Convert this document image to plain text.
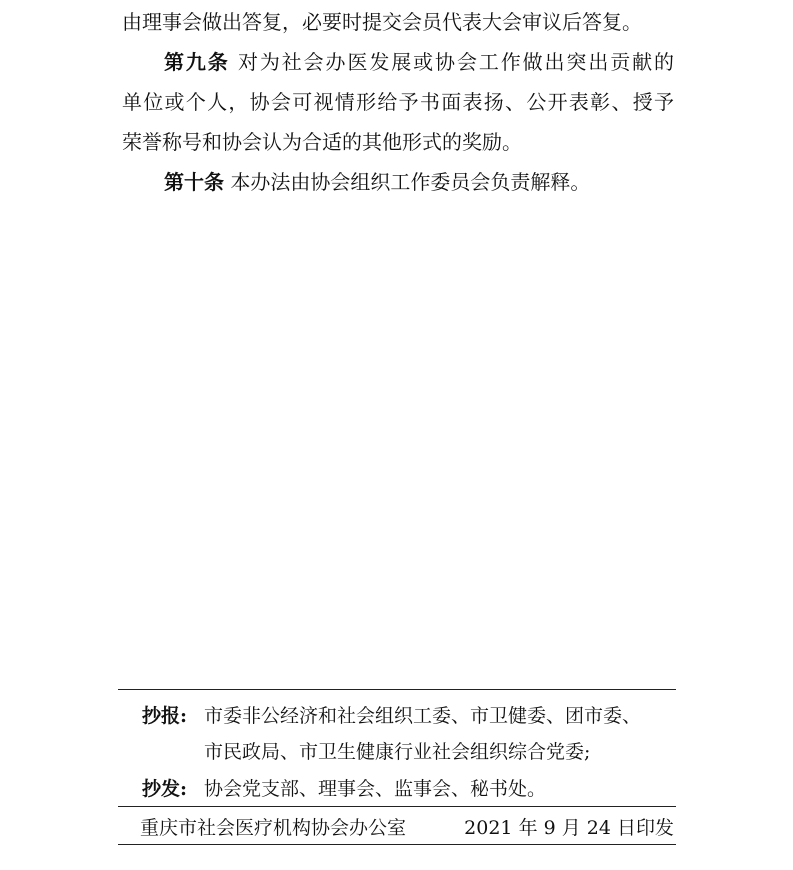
由理事会做出答复，必要时提交会员代表大会审议后答复。
第九条 对为社会办医发展或协会工作做出突出贡献的
单位或个人，协会可视情形给予书面表扬、公开表彰、授予
荣誉称号和协会认为合适的其他形式的奖励。
第十条 本办法由协会组织工作委员会负责解释。
抄报: 市委非公经济和社会组织工委、市卫健委、团市委、
市民政局、市卫生健康行业社会组织综合党委;
抄发: 协会党支部、理事会、监事会、秘书处。
重庆市社会医疗机构协会办公室	2021 年 9 月 24 日印发
